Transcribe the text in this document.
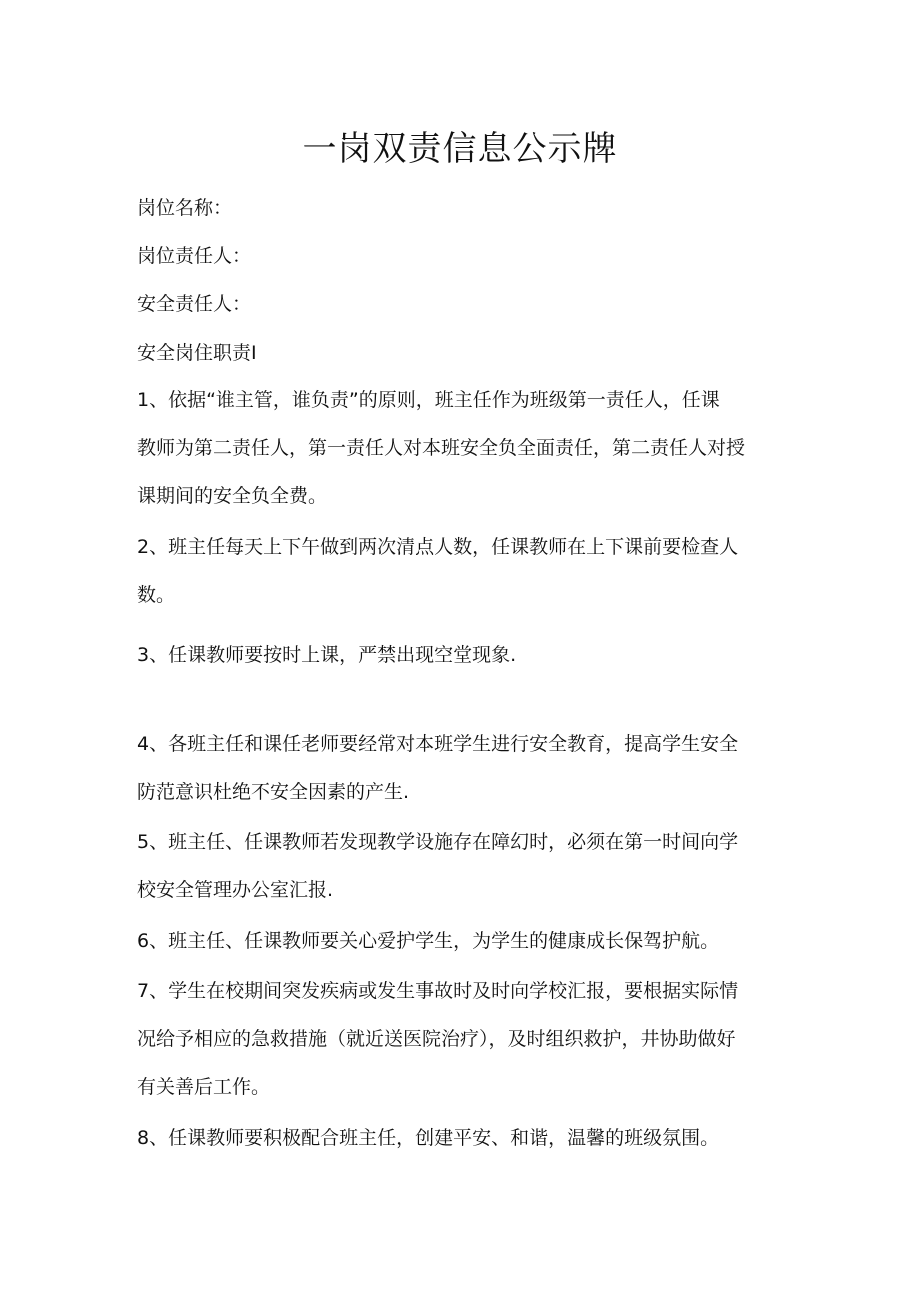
一岗双责信息公示牌
岗位名称：
岗位责任人：
安全责任人：
安全岗住职责I
1、依据“谁主管，谁负责”的原则，班主任作为班级第一责任人，任课
教师为第二责任人，第一责任人对本班安全负全面责任，第二责任人对授
课期间的安全负全费。
2、班主任每天上下午做到两次清点人数，任课教师在上下课前要检查人
数。
3、任课教师要按时上课，严禁出现空堂现象.
4、各班主任和课任老师要经常对本班学生进行安全教育，提高学生安全
防范意识杜绝不安全因素的产生.
5、班主任、任课教师若发现教学设施存在障幻时，必须在第一时间向学
校安全管理办公室汇报.
6、班主任、任课教师要关心爱护学生，为学生的健康成长保驾护航。
7、学生在校期间突发疾病或发生事故时及时向学校汇报，要根据实际情
况给予相应的急救措施（就近送医院治疗），及时组织救护，井协助做好
有关善后工作。
8、任课教师要积极配合班主任，创建平安、和谐，温馨的班级氛围。
